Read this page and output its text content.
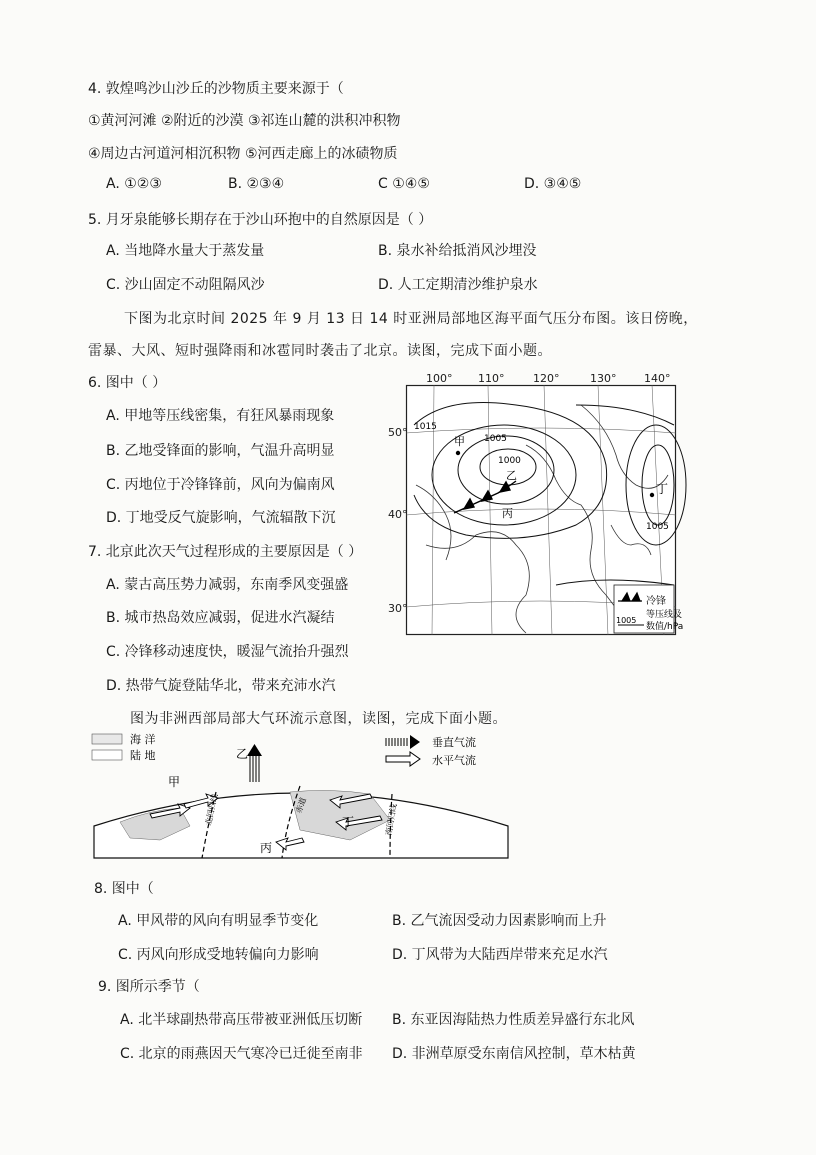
4. 敦煌鸣沙山沙丘的沙物质主要来源于（
①黄河河滩 ②附近的沙漠 ③祁连山麓的洪积冲积物
④周边古河道河相沉积物 ⑤河西走廊上的冰碛物质
A. ①②③	B. ②③④	C ①④⑤	D. ③④⑤
5. 月牙泉能够长期存在于沙山环抱中的自然原因是（ ）
A. 当地降水量大于蒸发量	B. 泉水补给抵消风沙埋没
C. 沙山固定不动阻隔风沙	D. 人工定期清沙维护泉水
下图为北京时间 2025 年 9 月 13 日 14 时亚洲局部地区海平面气压分布图。该日傍晚，
雷暴、大风、短时强降雨和冰雹同时袭击了北京。读图，完成下面小题。
6. 图中（ ）
A. 甲地等压线密集，有狂风暴雨现象
B. 乙地受锋面的影响，气温升高明显
C. 丙地位于冷锋锋前，风向为偏南风
D. 丁地受反气旋影响，气流辐散下沉
7. 北京此次天气过程形成的主要原因是（ ）
A. 蒙古高压势力减弱，东南季风变强盛
B. 城市热岛效应减弱，促进水汽凝结
C. 冷锋移动速度快，暖湿气流抬升强烈
D. 热带气旋登陆华北，带来充沛水汽
甲
乙
丙
丁
1015
1005
1000
1005
冷锋
等压线及
数值/hPa
1005
100° 110°	120°	130°	140°
50°
40°
30°
图为非洲西部局部大气环流示意图，读图，完成下面小题。
海 洋
陆 地
垂直气流
水平气流
甲
乙
丙
丁
北回归线	赤道	南回归线
8. 图中（
A. 甲风带的风向有明显季节变化	B. 乙气流因受动力因素影响而上升
C. 丙风向形成受地转偏向力影响	D. 丁风带为大陆西岸带来充足水汽
9. 图所示季节（
A. 北半球副热带高压带被亚洲低压切断 B. 东亚因海陆热力性质差异盛行东北风
C. 北京的雨燕因天气寒冷已迁徙至南非 D. 非洲草原受东南信风控制，草木枯黄
